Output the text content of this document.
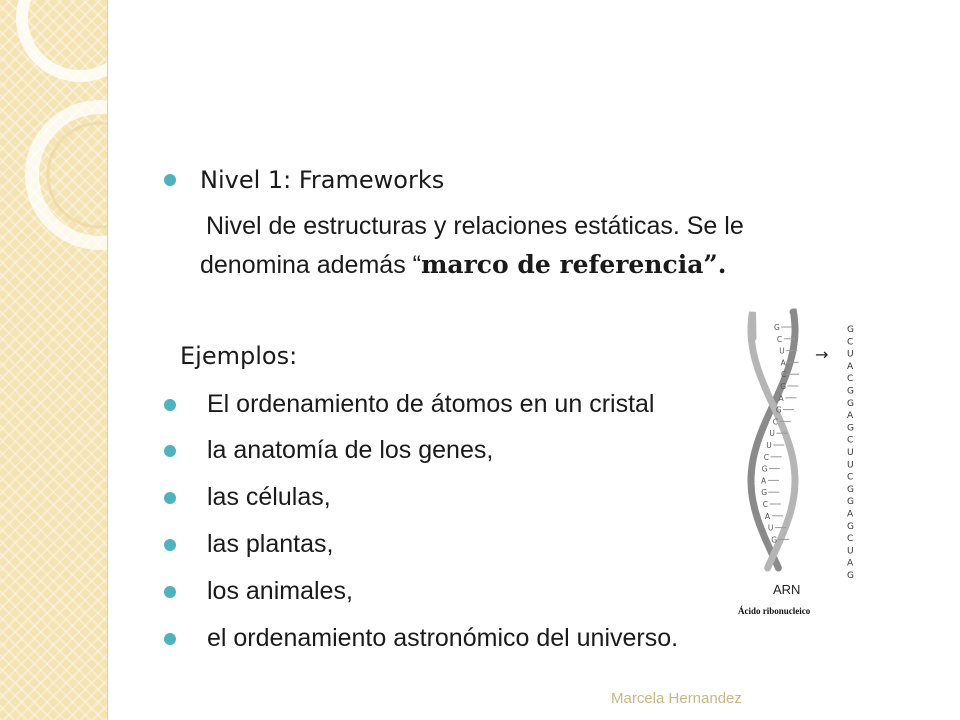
Nivel 1: Frameworks
Nivel de estructuras y relaciones estáticas. Se le
denomina además “marco de referencia”.
Ejemplos:
El ordenamiento de átomos en un cristal
la anatomía de los genes,
las células,
las plantas,
los animales,
el ordenamiento astronómico del universo.
Marcela Hernandez
G
C
U
A
C
G
A
G
C
U
U
C
G
A
G
C
A
U
G
G
C
U
A
C
G
G
A
G
C
U
U
C
G
G
A
G
C
U
A
G
→
ARN
Ácido ribonucleico
